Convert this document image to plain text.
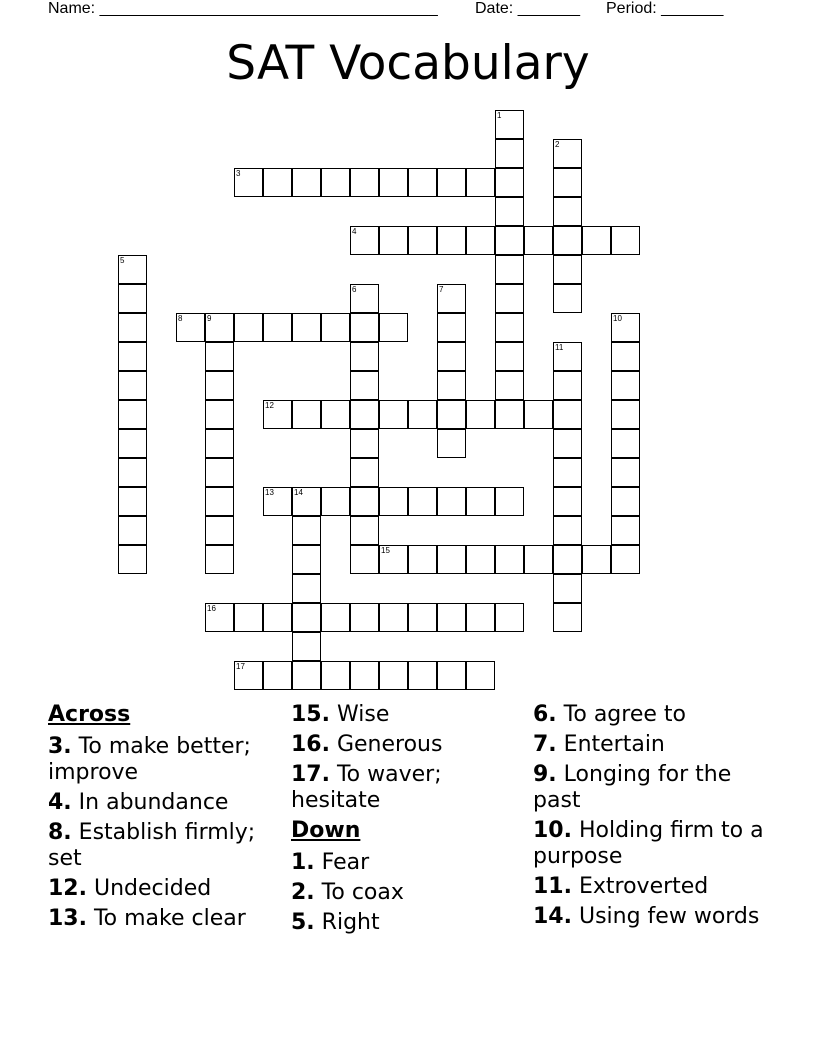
Name: ______________________________________

Date: _______

Period: _______

SAT Vocabulary
1
2
3
4
5
6	7
8	9	10
11
12
13	14
15
16
17
Across
3. To make better; improve
4. In abundance
8. Establish firmly; set
12. Undecided
13. To make clear
15. Wise
16. Generous
17. To waver; hesitate
Down
1. Fear
2. To coax
5. Right
6. To agree to
7. Entertain
9. Longing for the past
10. Holding firm to a purpose
11. Extroverted
14. Using few words
